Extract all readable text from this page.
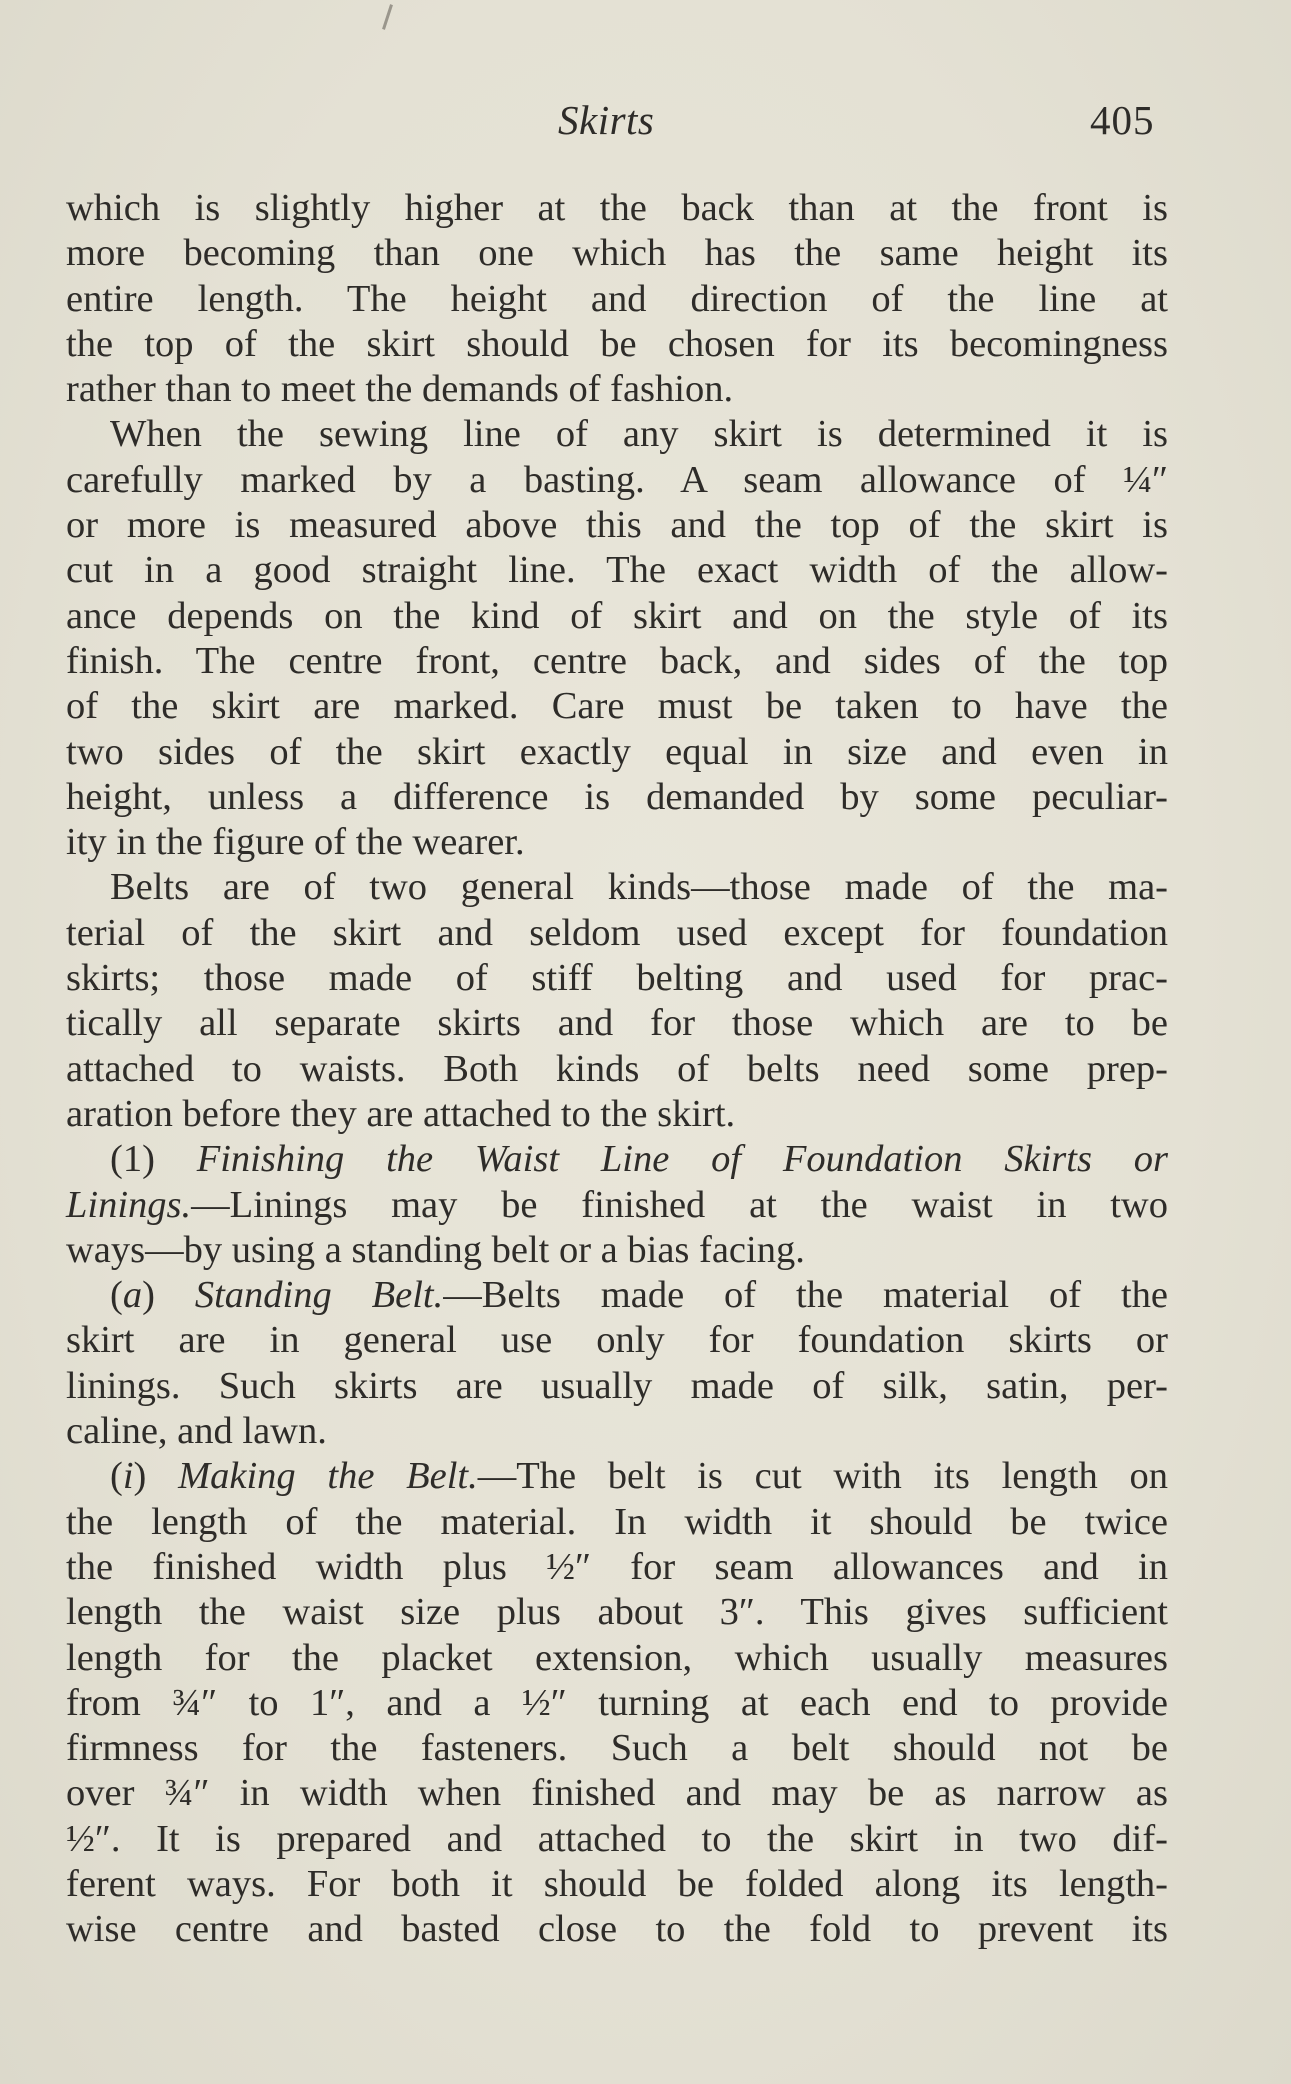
Skirts	405
which is slightly higher at the back than at the front is
more becoming than one which has the same height its
entire length. The height and direction of the line at
the top of the skirt should be chosen for its becomingness
rather than to meet the demands of fashion.
When the sewing line of any skirt is determined it is
carefully marked by a basting. A seam allowance of ¼″
or more is measured above this and the top of the skirt is
cut in a good straight line. The exact width of the allow-
ance depends on the kind of skirt and on the style of its
finish. The centre front, centre back, and sides of the top
of the skirt are marked. Care must be taken to have the
two sides of the skirt exactly equal in size and even in
height, unless a difference is demanded by some peculiar-
ity in the figure of the wearer.
Belts are of two general kinds—those made of the ma-
terial of the skirt and seldom used except for foundation
skirts; those made of stiff belting and used for prac-
tically all separate skirts and for those which are to be
attached to waists. Both kinds of belts need some prep-
aration before they are attached to the skirt.
(1) Finishing the Waist Line of Foundation Skirts or
Linings.—Linings may be finished at the waist in two
ways—by using a standing belt or a bias facing.
(a) Standing Belt.—Belts made of the material of the
skirt are in general use only for foundation skirts or
linings. Such skirts are usually made of silk, satin, per-
caline, and lawn.
(i) Making the Belt.—The belt is cut with its length on
the length of the material. In width it should be twice
the finished width plus ½″ for seam allowances and in
length the waist size plus about 3″. This gives sufficient
length for the placket extension, which usually measures
from ¾″ to 1″, and a ½″ turning at each end to provide
firmness for the fasteners. Such a belt should not be
over ¾″ in width when finished and may be as narrow as
½″. It is prepared and attached to the skirt in two dif-
ferent ways. For both it should be folded along its length-
wise centre and basted close to the fold to prevent its
